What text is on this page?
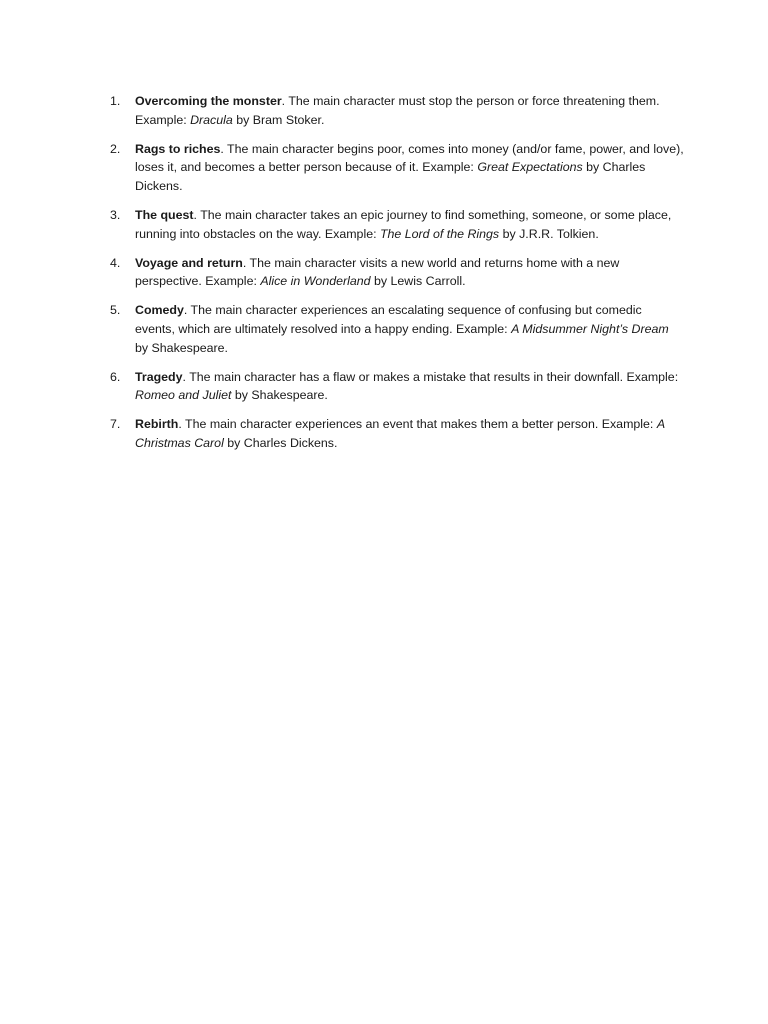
1.	Overcoming the monster. The main character must stop the person or force threatening them. Example: Dracula by Bram Stoker.
2.	Rags to riches. The main character begins poor, comes into money (and/or fame, power, and love), loses it, and becomes a better person because of it. Example: Great Expectations by Charles Dickens.
3.	The quest. The main character takes an epic journey to find something, someone, or some place, running into obstacles on the way. Example: The Lord of the Rings by J.R.R. Tolkien.
4.	Voyage and return. The main character visits a new world and returns home with a new perspective. Example: Alice in Wonderland by Lewis Carroll.
5.	Comedy. The main character experiences an escalating sequence of confusing but comedic events, which are ultimately resolved into a happy ending. Example: A Midsummer Night’s Dream by Shakespeare.
6.	Tragedy. The main character has a flaw or makes a mistake that results in their downfall. Example: Romeo and Juliet by Shakespeare.
7.	Rebirth. The main character experiences an event that makes them a better person. Example: A Christmas Carol by Charles Dickens.
